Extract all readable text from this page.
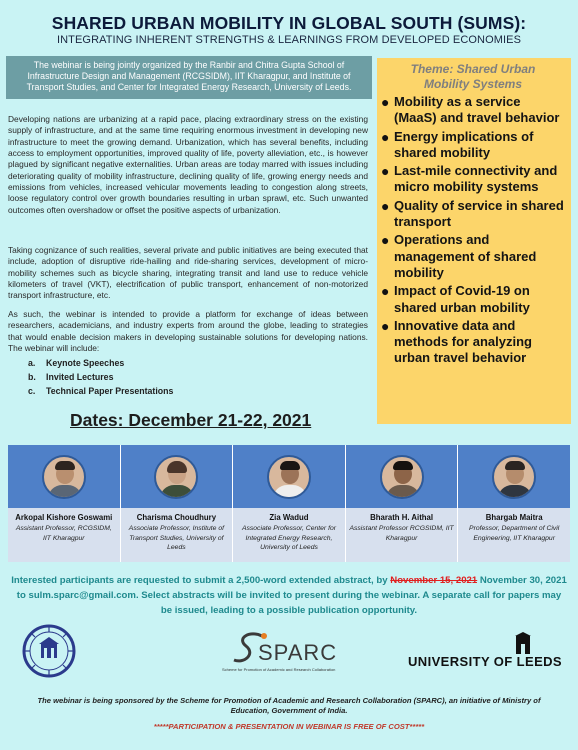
SHARED URBAN MOBILITY IN GLOBAL SOUTH (SUMS):
INTEGRATING INHERENT STRENGTHS & LEARNINGS FROM DEVELOPED ECONOMIES
The webinar is being jointly organized by the Ranbir and Chitra Gupta School of Infrastructure Design and Management (RCGSIDM), IIT Kharagpur, and Institute of Transport Studies, and Center for Integrated Energy Research, University of Leeds.
Theme: Shared Urban
Mobility Systems
● Mobility as a service (MaaS) and travel behavior
● Energy implications of shared mobility
● Last-mile connectivity and micro mobility systems
● Quality of service in shared transport
● Operations and management of shared mobility
● Impact of Covid-19 on shared urban mobility
● Innovative data and methods for analyzing urban travel behavior

Developing nations are urbanizing at a rapid pace, placing extraordinary stress on the existing supply of infrastructure, and at the same time requiring enormous investment in developing new infrastructure to meet the growing demand. Urbanization, which has several benefits, including access to employment opportunities, improved quality of life, poverty alleviation, etc., is however plagued by significant negative externalities. Urban areas are today marred with issues including deteriorating quality of mobility infrastructure, declining quality of life, growing energy needs and emissions from vehicles, increased vehicular movements leading to congestion along streets, loose regulatory control over growth boundaries resulting in urban sprawl, etc. Such unwanted outcomes often overshadow or offset the positive aspects of urbanization.

Taking cognizance of such realities, several private and public initiatives are being executed that include, adoption of disruptive ride-hailing and ride-sharing services, development of micro-mobility schemes such as bicycle sharing, integrating transit and land use to reduce vehicle kilometers of travel (VKT), electrification of public transport, enhancement of non-motorized transport infrastructure, etc.

As such, the webinar is intended to provide a platform for exchange of ideas between researchers, academicians, and industry experts from around the globe, leading to strategies that would enable decision makers in developing sustainable solutions for developing nations. The webinar will include:

a.	Keynote Speeches
b.	Invited Lectures
c.	Technical Paper Presentations
Dates: December 21-22, 2021
Arkopal Kishore Goswami
Assistant Professor, RCGSIDM, IIT Kharagpur
Charisma Choudhury
Associate Professor, Institute of Transport Studies, University of Leeds
Zia Wadud
Associate Professor, Center for Integrated Energy Research, University of Leeds
Bharath H. Aithal
Assistant Professor RCGSIDM, IIT Kharagpur
Bhargab Maitra
Professor, Department of Civil Engineering, IIT Kharagpur
Interested participants are requested to submit a 2,500-word extended abstract, by November 15, 2021 November 30, 2021 to sulm.sparc@gmail.com. Select abstracts will be invited to present during the webinar. A separate call for papers may be issued, leading to a possible publication opportunity.
SPARC
Scheme for Promotion of Academic and Research Collaboration
UNIVERSITY OF LEEDS
The webinar is being sponsored by the Scheme for Promotion of Academic and Research Collaboration (SPARC), an initiative of Ministry of Education, Government of India.
*****PARTICIPATION & PRESENTATION IN WEBINAR IS FREE OF COST*****
